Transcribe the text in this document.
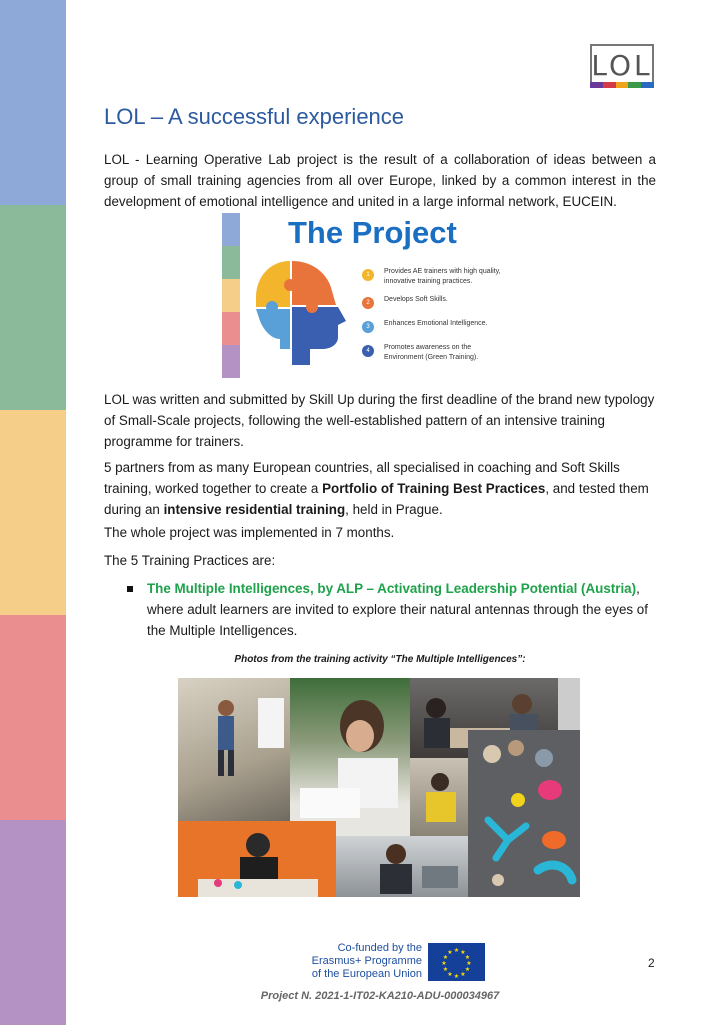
LOL
LOL – A successful experience

LOL - Learning Operative Lab project is the result of a collaboration of ideas between a group of small training agencies from all over Europe, linked by a common interest in the development of emotional intelligence and united in a large informal network, EUCEIN.

The Project
1	Provides AE trainers with high quality, innovative training practices.
2	Develops Soft Skills.
3	Enhances Emotional Intelligence.
4	Promotes awareness on the Environment (Green Training).

LOL was written and submitted by Skill Up during the first deadline of the brand new typology of Small-Scale projects, following the well-established pattern of an intensive training programme for trainers.

5 partners from as many European countries, all specialised in coaching and Soft Skills training, worked together to create a Portfolio of Training Best Practices, and tested them during an intensive residential training, held in Prague.

The whole project was implemented in 7 months.

The 5 Training Practices are:

The Multiple Intelligences, by ALP – Activating Leadership Potential (Austria), where adult learners are invited to explore their natural antennas through the eyes of the Multiple Intelligences.

Photos from the training activity “The Multiple Intelligences”:
Co-funded by the
Erasmus+ Programme
of the European Union
★ ★
★
★
★
★
★
★
★
★
★
★
2
Project N. 2021-1-IT02-KA210-ADU-000034967
